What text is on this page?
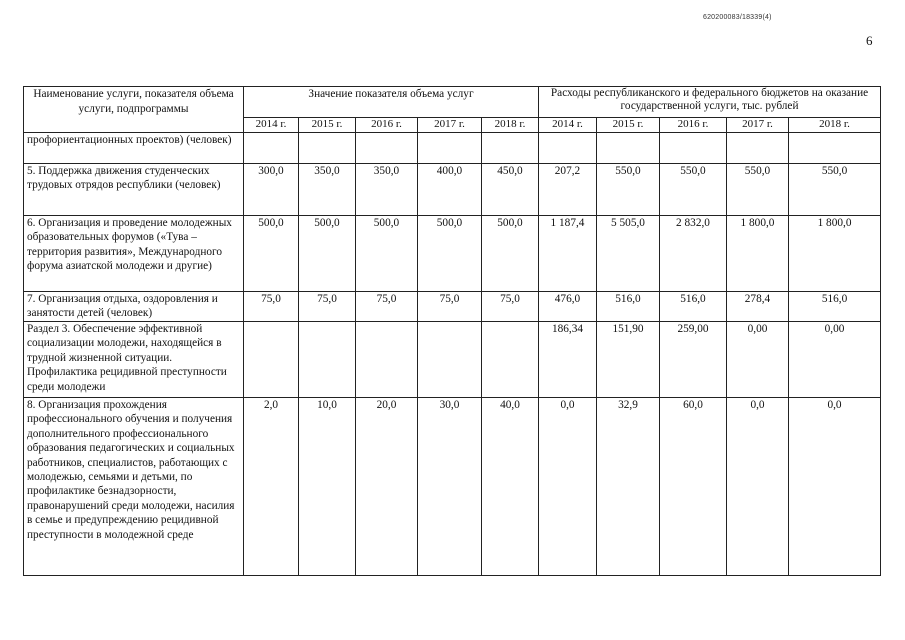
620200083/18339(4)
6
Наименование услуги, показателя объема услуги, подпрограммы	Значение показателя объема услуг					Расходы республиканского и федерального бюджетов на оказание государственной услуги, тыс. рублей				
	2014 г.	2015 г.	2016 г.	2017 г.	2018 г.	2014 г.	2015 г.	2016 г.	2017 г.	2018 г.
профориентационных проектов) (человек)										
5. Поддержка движения студенческих трудовых отрядов республики (человек)	300,0	350,0	350,0	400,0	450,0	207,2	550,0	550,0	550,0	550,0
6. Организация и проведение молодежных образовательных форумов («Тува – территория развития», Международного форума азиатской молодежи и другие)	500,0	500,0	500,0	500,0	500,0	1 187,4	5 505,0	2 832,0	1 800,0	1 800,0
7. Организация отдыха, оздоровления и занятости детей (человек)	75,0	75,0	75,0	75,0	75,0	476,0	516,0	516,0	278,4	516,0
Раздел 3. Обеспечение эффективной социализации молодежи, находящейся в трудной жизненной ситуации. Профилактика рецидивной преступности среди молодежи						186,34	151,90	259,00	0,00	0,00
8. Организация прохождения профессионального обучения и получения дополнительного профессионального образования педагогических и социальных работников, специалистов, работающих с молодежью, семьями и детьми, по профилактике безнадзорности, правонарушений среди молодежи, насилия в семье и предупреждению рецидивной преступности в молодежной среде	2,0	10,0	20,0	30,0	40,0	0,0	32,9	60,0	0,0	0,0
